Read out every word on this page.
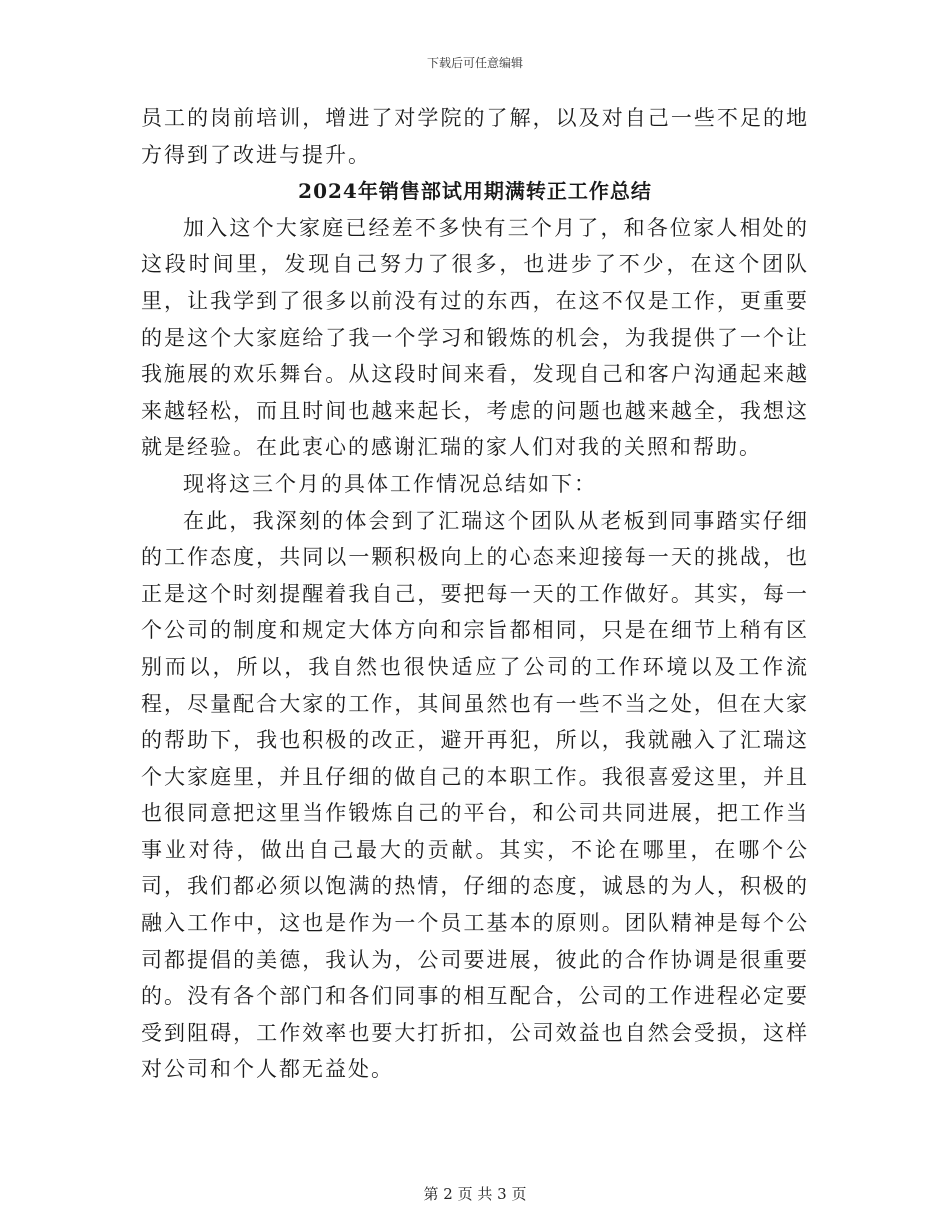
下载后可任意编辑

员工的岗前培训，增进了对学院的了解，以及对自己一些不足的地方得到了改进与提升。

2024年销售部试用期满转正工作总结

加入这个大家庭已经差不多快有三个月了，和各位家人相处的这段时间里，发现自己努力了很多，也进步了不少，在这个团队里，让我学到了很多以前没有过的东西，在这不仅是工作，更重要的是这个大家庭给了我一个学习和锻炼的机会，为我提供了一个让我施展的欢乐舞台。从这段时间来看，发现自己和客户沟通起来越来越轻松，而且时间也越来起长，考虑的问题也越来越全，我想这就是经验。在此衷心的感谢汇瑞的家人们对我的关照和帮助。

现将这三个月的具体工作情况总结如下：

在此，我深刻的体会到了汇瑞这个团队从老板到同事踏实仔细的工作态度，共同以一颗积极向上的心态来迎接每一天的挑战，也正是这个时刻提醒着我自己，要把每一天的工作做好。其实，每一个公司的制度和规定大体方向和宗旨都相同，只是在细节上稍有区别而以，所以，我自然也很快适应了公司的工作环境以及工作流程，尽量配合大家的工作，其间虽然也有一些不当之处，但在大家的帮助下，我也积极的改正，避开再犯，所以，我就融入了汇瑞这个大家庭里，并且仔细的做自己的本职工作。我很喜爱这里，并且也很同意把这里当作锻炼自己的平台，和公司共同进展，把工作当事业对待，做出自己最大的贡献。其实，不论在哪里，在哪个公司，我们都必须以饱满的热情，仔细的态度，诚恳的为人，积极的融入工作中，这也是作为一个员工基本的原则。团队精神是每个公司都提倡的美德，我认为，公司要进展，彼此的合作协调是很重要的。没有各个部门和各们同事的相互配合，公司的工作进程必定要受到阻碍，工作效率也要大打折扣，公司效益也自然会受损，这样对公司和个人都无益处。

第 2 页 共 3 页
